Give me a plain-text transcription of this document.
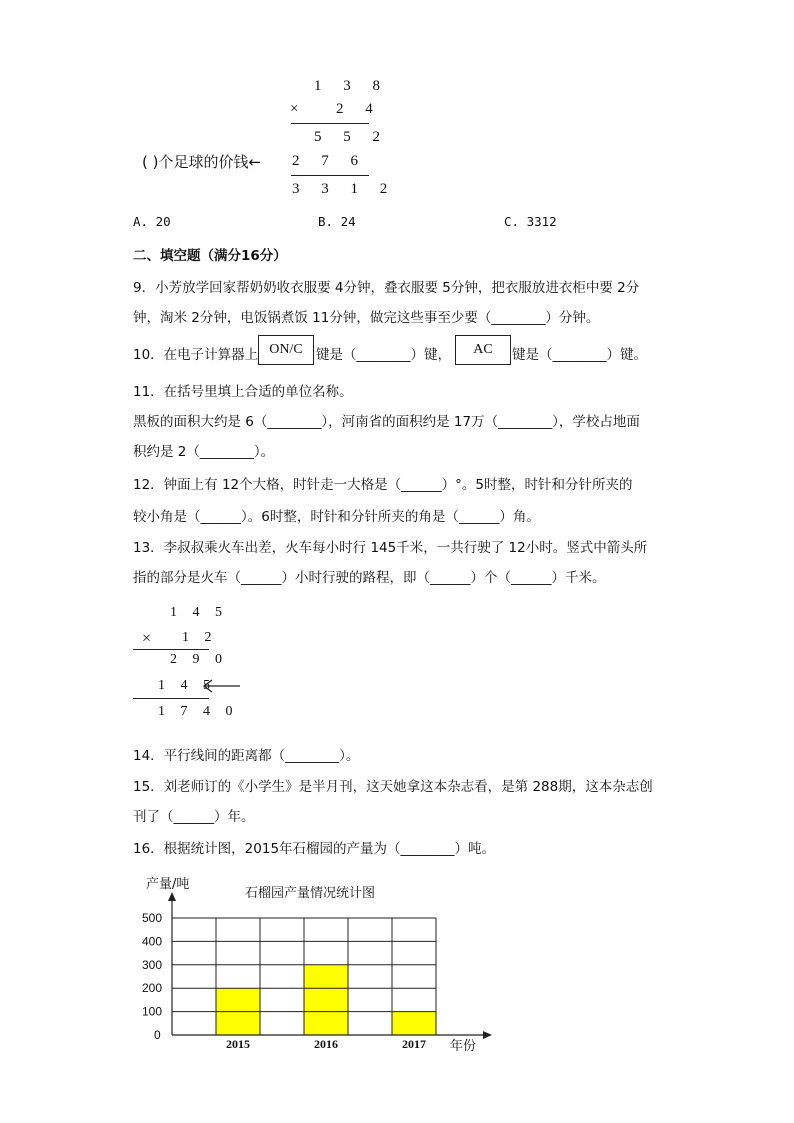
1 3 8
× 2 4
5 5 2
( )个足球的价钱← 2 7 6
3 3 1 2
A. 20	B. 24	C. 3312
二、填空题（满分16分）
9．小芳放学回家帮奶奶收衣服要 4分钟，叠衣服要 5分钟，把衣服放进衣柜中要 2分
钟，淘米 2分钟，电饭锅煮饭 11分钟，做完这些事至少要（________）分钟。
10．在电子计算器上 ON/C 键是（________）键，	AC	键是（________）键。
11．在括号里填上合适的单位名称。
黑板的面积大约是 6（________），河南省的面积约是 17万（________），学校占地面
积约是 2（________）。
12．钟面上有 12个大格，时针走一大格是（______）°。5时整，时针和分针所夹的
较小角是（______）。6时整，时针和分针所夹的角是（______）角。
13．李叔叔乘火车出差，火车每小时行 145千米，一共行驶了 12小时。竖式中箭头所
指的部分是火车（______）小时行驶的路程，即（______）个（______）千米。
1 4 5
× 1 2
2 9 0
1 4 5
1 7 4 0
14．平行线间的距离都（________）。
15．刘老师订的《小学生》是半月刊，这天她拿这本杂志看，是第 288期，这本杂志创
刊了（______）年。
16．根据统计图，2015年石榴园的产量为（________）吨。
0
100
200
300
400
500
2015	2016	2017
产量/吨
石榴园产量情况统计图
年份
